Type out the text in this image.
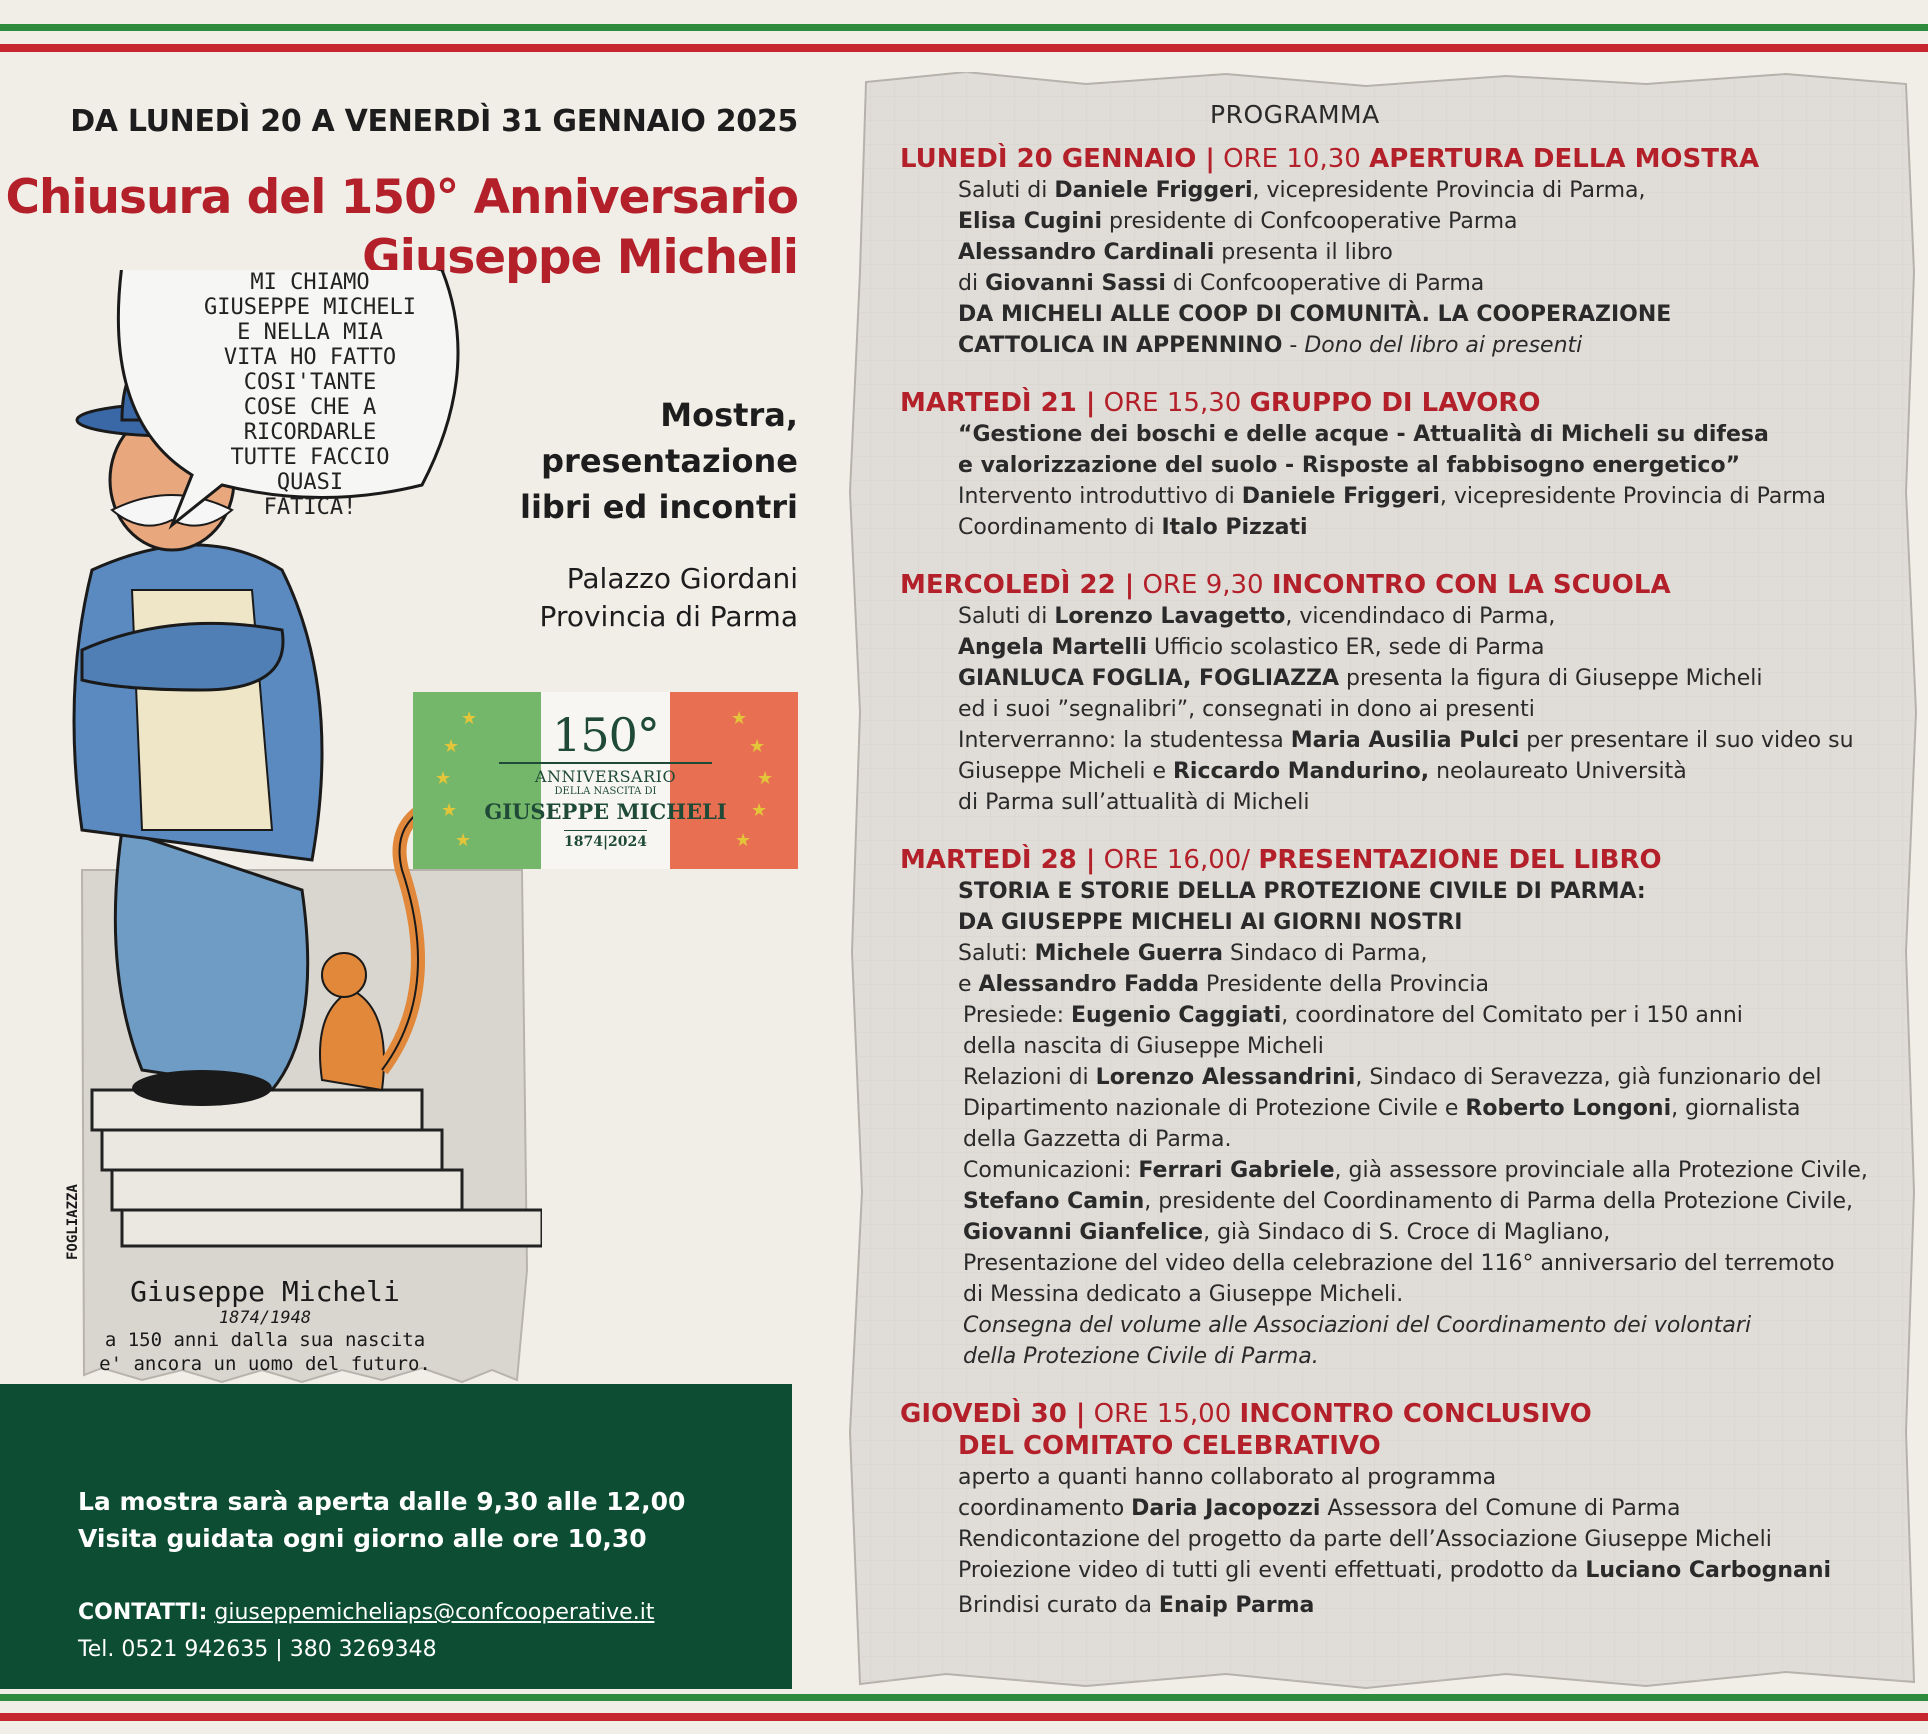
DA LUNEDÌ 20 A VENERDÌ 31 GENNAIO 2025
Chiusura del 150° Anniversario
Giuseppe Micheli
FOGLIAZZA
MI CHIAMO
GIUSEPPE MICHELI
E NELLA MIA
VITA HO FATTO
COSI'TANTE
COSE CHE A
RICORDARLE
TUTTE FACCIO
QUASI
FATICA!
Mostra,
presentazione
libri ed incontri
Palazzo Giordani
Provincia di Parma
★
★
★
★
★
★
★
★
★
★
150°
ANNIVERSARIO
DELLA NASCITA DI
GIUSEPPE MICHELI
1874|2024
Giuseppe Micheli
1874/1948
a 150 anni dalla sua nascita
e' ancora un uomo del futuro.
La mostra sarà aperta dalle 9,30 alle 12,00
Visita guidata ogni giorno alle ore 10,30
CONTATTI: giuseppemicheliaps@confcooperative.it
Tel. 0521 942635 | 380 3269348
PROGRAMMA
LUNEDÌ 20 GENNAIO | ORE 10,30 APERTURA DELLA MOSTRA
Saluti di Daniele Friggeri, vicepresidente Provincia di Parma,
Elisa Cugini presidente di Confcooperative Parma
Alessandro Cardinali presenta il libro
di Giovanni Sassi di Confcooperative di Parma
DA MICHELI ALLE COOP DI COMUNITÀ. LA COOPERAZIONE
CATTOLICA IN APPENNINO - Dono del libro ai presenti
MARTEDÌ 21 | ORE 15,30 GRUPPO DI LAVORO
“Gestione dei boschi e delle acque - Attualità di Micheli su difesa
e valorizzazione del suolo - Risposte al fabbisogno energetico”
Intervento introduttivo di Daniele Friggeri, vicepresidente Provincia di Parma
Coordinamento di Italo Pizzati
MERCOLEDÌ 22 | ORE 9,30 INCONTRO CON LA SCUOLA
Saluti di Lorenzo Lavagetto, vicendindaco di Parma,
Angela Martelli Ufficio scolastico ER, sede di Parma
GIANLUCA FOGLIA, FOGLIAZZA presenta la figura di Giuseppe Micheli
ed i suoi ”segnalibri”, consegnati in dono ai presenti
Interverranno: la studentessa Maria Ausilia Pulci per presentare il suo video su
Giuseppe Micheli e Riccardo Mandurino, neolaureato Università
di Parma sull’attualità di Micheli
MARTEDÌ 28 | ORE 16,00/ PRESENTAZIONE DEL LIBRO
STORIA E STORIE DELLA PROTEZIONE CIVILE DI PARMA:
DA GIUSEPPE MICHELI AI GIORNI NOSTRI
Saluti: Michele Guerra Sindaco di Parma,
e Alessandro Fadda Presidente della Provincia
Presiede: Eugenio Caggiati, coordinatore del Comitato per i 150 anni
della nascita di Giuseppe Micheli
Relazioni di Lorenzo Alessandrini, Sindaco di Seravezza, già funzionario del
Dipartimento nazionale di Protezione Civile e Roberto Longoni, giornalista
della Gazzetta di Parma.
Comunicazioni: Ferrari Gabriele, già assessore provinciale alla Protezione Civile,
Stefano Camin, presidente del Coordinamento di Parma della Protezione Civile,
Giovanni Gianfelice, già Sindaco di S. Croce di Magliano,
Presentazione del video della celebrazione del 116° anniversario del terremoto
di Messina dedicato a Giuseppe Micheli.
Consegna del volume alle Associazioni del Coordinamento dei volontari
della Protezione Civile di Parma.
GIOVEDÌ 30 | ORE 15,00 INCONTRO CONCLUSIVO
DEL COMITATO CELEBRATIVO
aperto a quanti hanno collaborato al programma
coordinamento Daria Jacopozzi Assessora del Comune di Parma
Rendicontazione del progetto da parte dell’Associazione Giuseppe Micheli
Proiezione video di tutti gli eventi effettuati, prodotto da Luciano Carbognani
Brindisi curato da Enaip Parma
